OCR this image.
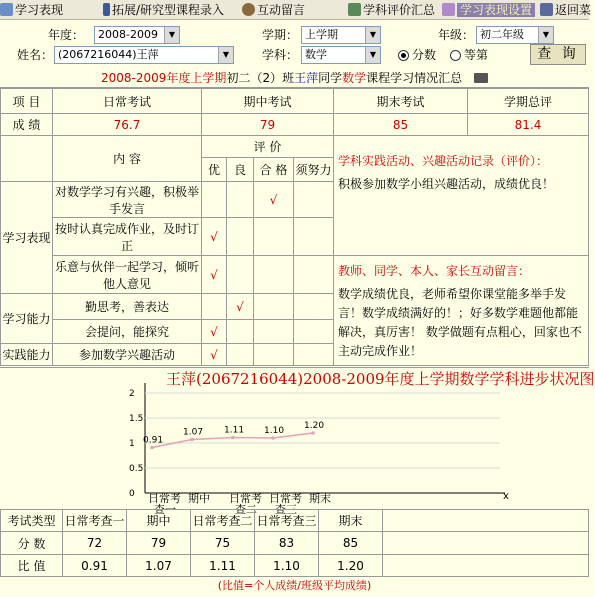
学习表现	拓展/研究型课程录入	互动留言	学科评价汇总	学习表现设置	返回菜
年度：	2008-2009	▼	学期： 上学期	▼	年级： 初二年级	▼
姓名： (2067216044)王萍	▼	学科： 数学	▼	分数	等第	查 询
2008-2009年度上学期初二（2）班王萍同学数学课程学习情况汇总
项 目	日常考试	期中考试	期末考试	学期总评
成 绩	76.7	79	85	81.4
	内 容	评 价				学科实践活动、兴趣活动记录（评价）：
积极参加数学小组兴趣活动，成绩优良！

		优	良	合 格	须努力	
学习表现	对数学学习有兴趣，积极举手发言			√		
	按时认真完成作业，及时订正	√				
	乐意与伙伴一起学习，倾听他人意见	√				教师、同学、本人、家长互动留言：
数学成绩优良，老师希望你课堂能多举手发言！数学成绩满好的！；好多数学难题他都能解决，真厉害！ 数学做题有点粗心，回家也不主动完成作业！

学习能力	勤思考，善表达		√			
	会提问，能探究	√				
实践能力	参加数学兴趣活动	√				
王萍(2067216044)2008-2009年度上学期数学学科进步状况图
x
2
1.5
1
0.5
0
0.91
1.07 1.11 1.10 1.20
日常考
查一
期中 日常考
查二
日常考
查三
期末
考试类型	日常考查一	期中	日常考查二	日常考查三	期末	
分 数	72	79	75	83	85	
比 值	0.91	1.07	1.11	1.10	1.20	
(比值=个人成绩/班级平均成绩)
